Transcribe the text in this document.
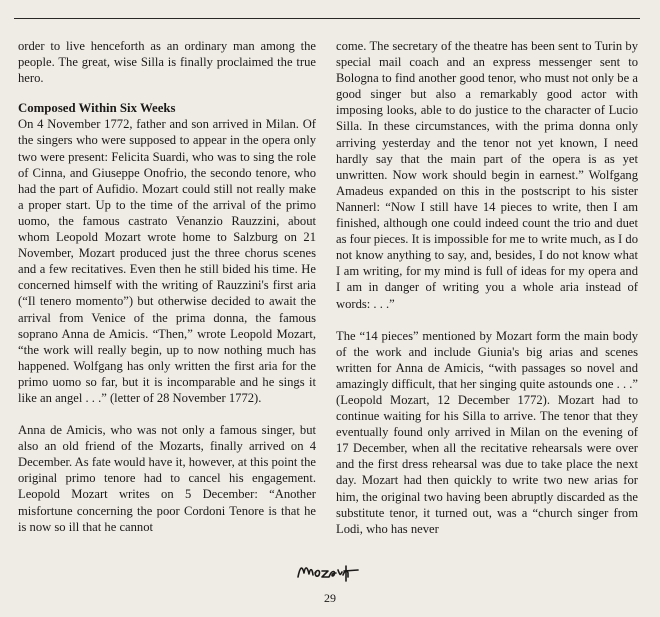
order to live henceforth as an ordinary man among the people. The great, wise Silla is finally proclaimed the true hero.

Composed Within Six Weeks

On 4 November 1772, father and son arrived in Milan. Of the singers who were supposed to appear in the opera only two were present: Felicita Suardi, who was to sing the role of Cinna, and Giuseppe Onofrio, the secondo tenore, who had the part of Aufidio. Mozart could still not really make a proper start. Up to the time of the arrival of the primo uomo, the famous castrato Venanzio Rauzzini, about whom Leopold Mozart wrote home to Salzburg on 21 November, Mozart produced just the three chorus scenes and a few recitatives. Even then he still bided his time. He concerned himself with the writing of Rauzzini's first aria (“Il tenero momento”) but otherwise decided to await the arrival from Venice of the prima donna, the famous soprano Anna de Amicis. “Then,” wrote Leopold Mozart, “the work will really begin, up to now nothing much has happened. Wolfgang has only written the first aria for the primo uomo so far, but it is incomparable and he sings it like an angel . . .” (letter of 28 November 1772).

Anna de Amicis, who was not only a famous singer, but also an old friend of the Mozarts, finally arrived on 4 December. As fate would have it, however, at this point the original primo tenore had to cancel his engagement. Leopold Mozart writes on 5 December: “Another misfortune concerning the poor Cordoni Tenore is that he is now so ill that he cannot

come. The secretary of the theatre has been sent to Turin by special mail coach and an express messenger sent to Bologna to find another good tenor, who must not only be a good singer but also a remarkably good actor with imposing looks, able to do justice to the character of Lucio Silla. In these circumstances, with the prima donna only arriving yesterday and the tenor not yet known, I need hardly say that the main part of the opera is as yet unwritten. Now work should begin in earnest.” Wolfgang Amadeus expanded on this in the postscript to his sister Nannerl: “Now I still have 14 pieces to write, then I am finished, although one could indeed count the trio and duet as four pieces. It is impossible for me to write much, as I do not know anything to say, and, besides, I do not know what I am writing, for my mind is full of ideas for my opera and I am in danger of writing you a whole aria instead of words: . . .”

The “14 pieces” mentioned by Mozart form the main body of the work and include Giunia's big arias and scenes written for Anna de Amicis, “with passages so novel and amazingly difficult, that her singing quite astounds one . . .” (Leopold Mozart, 12 December 1772). Mozart had to continue waiting for his Silla to arrive. The tenor that they eventually found only arrived in Milan on the evening of 17 December, when all the recitative rehearsals were over and the first dress rehearsal was due to take place the next day. Mozart had then quickly to write two new arias for him, the original two having been abruptly discarded as the substitute tenor, it turned out, was a “church singer from Lodi, who has never

29
